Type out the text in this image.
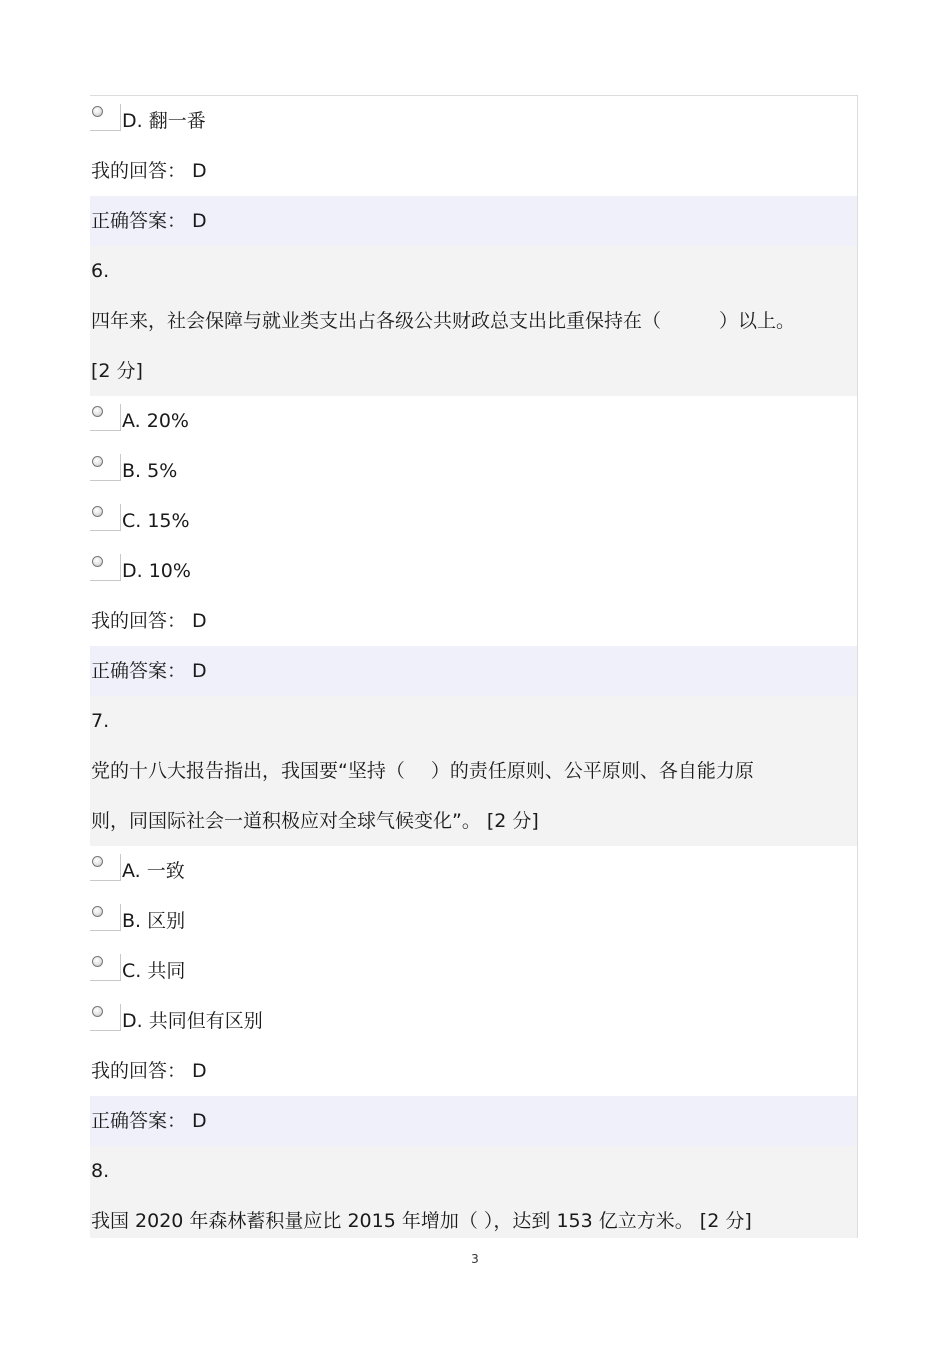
D. 翻一番
我的回答： D
正确答案： D
6.
四年来，社会保障与就业类支出占各级公共财政总支出比重保持在（	）以上。
[2 分]
A. 20%
B. 5%
C. 15%
D. 10%
我的回答： D
正确答案： D
7.
党的十八大报告指出，我国要“坚持（ ）的责任原则、公平原则、各自能力原
则，同国际社会一道积极应对全球气候变化”。 [2 分]
A. 一致
B. 区别
C. 共同
D. 共同但有区别
我的回答： D
正确答案： D
8.
我国 2020 年森林蓄积量应比 2015 年增加（ ），达到 153 亿立方米。 [2 分]
3
